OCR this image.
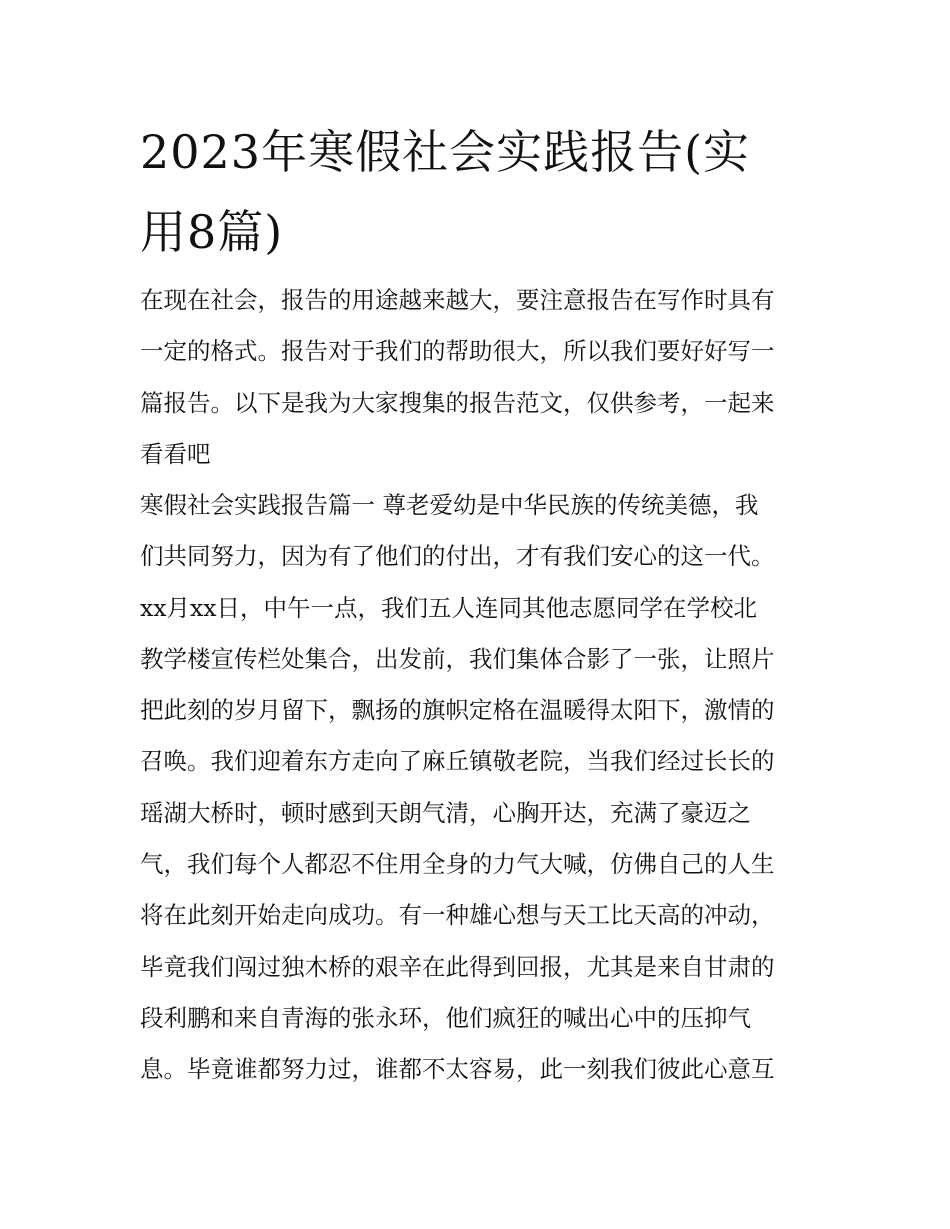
2023年寒假社会实践报告(实
用8篇)
在现在社会，报告的用途越来越大，要注意报告在写作时具有
一定的格式。报告对于我们的帮助很大，所以我们要好好写一
篇报告。以下是我为大家搜集的报告范文，仅供参考，一起来
看看吧
寒假社会实践报告篇一 尊老爱幼是中华民族的传统美德，我
们共同努力，因为有了他们的付出，才有我们安心的这一代。
xx月xx日，中午一点，我们五人连同其他志愿同学在学校北
教学楼宣传栏处集合，出发前，我们集体合影了一张，让照片
把此刻的岁月留下，飘扬的旗帜定格在温暖得太阳下，激情的
召唤。我们迎着东方走向了麻丘镇敬老院，当我们经过长长的
瑶湖大桥时，顿时感到天朗气清，心胸开达，充满了豪迈之
气，我们每个人都忍不住用全身的力气大喊，仿佛自己的人生
将在此刻开始走向成功。有一种雄心想与天工比天高的冲动，
毕竟我们闯过独木桥的艰辛在此得到回报，尤其是来自甘肃的
段利鹏和来自青海的张永环，他们疯狂的喊出心中的压抑气
息。毕竟谁都努力过，谁都不太容易，此一刻我们彼此心意互
